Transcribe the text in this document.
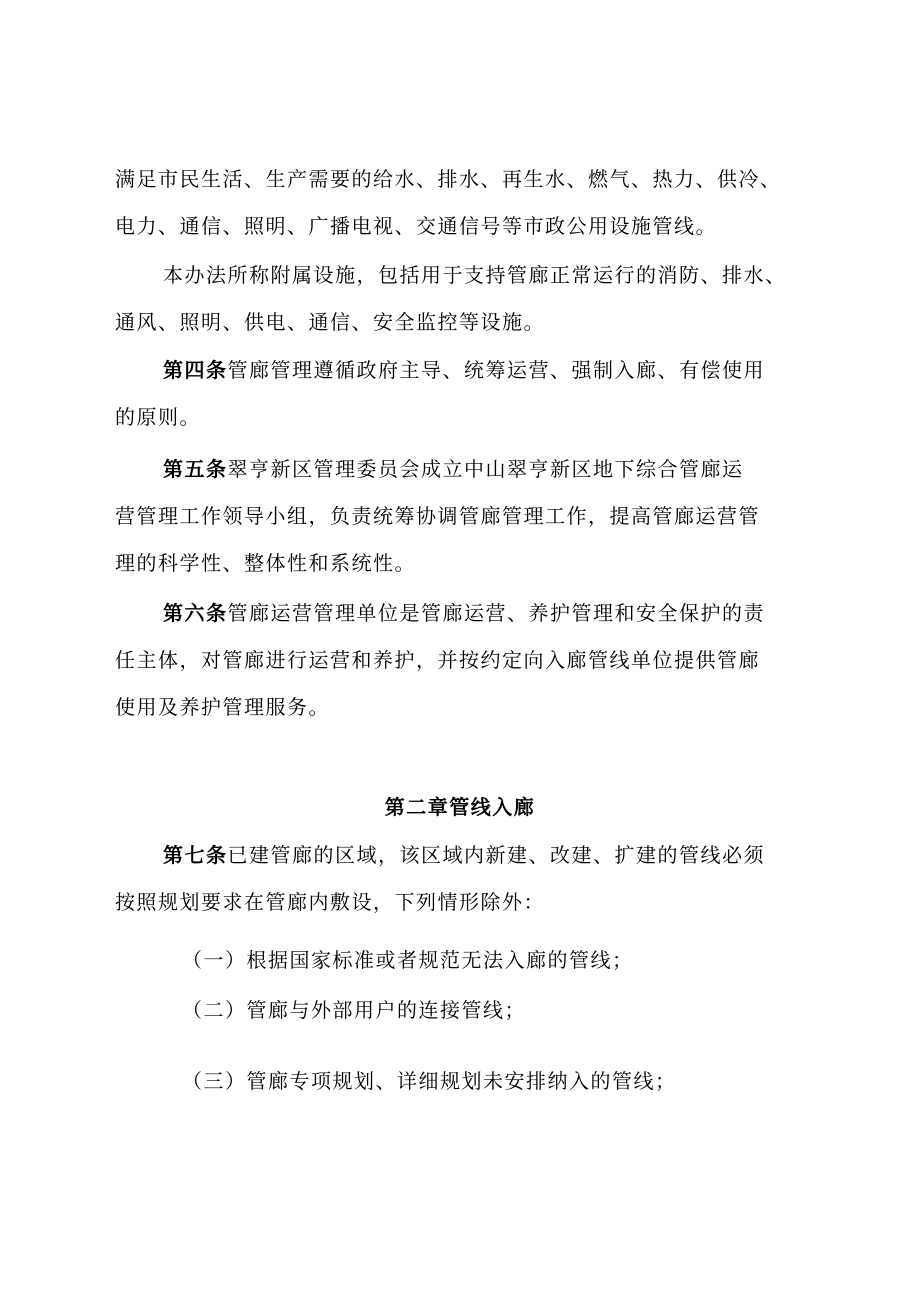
满足市民生活、生产需要的给水、排水、再生水、燃气、热力、供冷、
电力、通信、照明、广播电视、交通信号等市政公用设施管线。
本办法所称附属设施，包括用于支持管廊正常运行的消防、排水、
通风、照明、供电、通信、安全监控等设施。
第四条管廊管理遵循政府主导、统筹运营、强制入廊、有偿使用
的原则。
第五条翠亨新区管理委员会成立中山翠亨新区地下综合管廊运
营管理工作领导小组，负责统筹协调管廊管理工作，提高管廊运营管
理的科学性、整体性和系统性。
第六条管廊运营管理单位是管廊运营、养护管理和安全保护的责
任主体，对管廊进行运营和养护，并按约定向入廊管线单位提供管廊
使用及养护管理服务。
第二章管线入廊
第七条已建管廊的区域，该区域内新建、改建、扩建的管线必须
按照规划要求在管廊内敷设，下列情形除外：
（一）根据国家标准或者规范无法入廊的管线；
（二）管廊与外部用户的连接管线；
（三）管廊专项规划、详细规划未安排纳入的管线；
